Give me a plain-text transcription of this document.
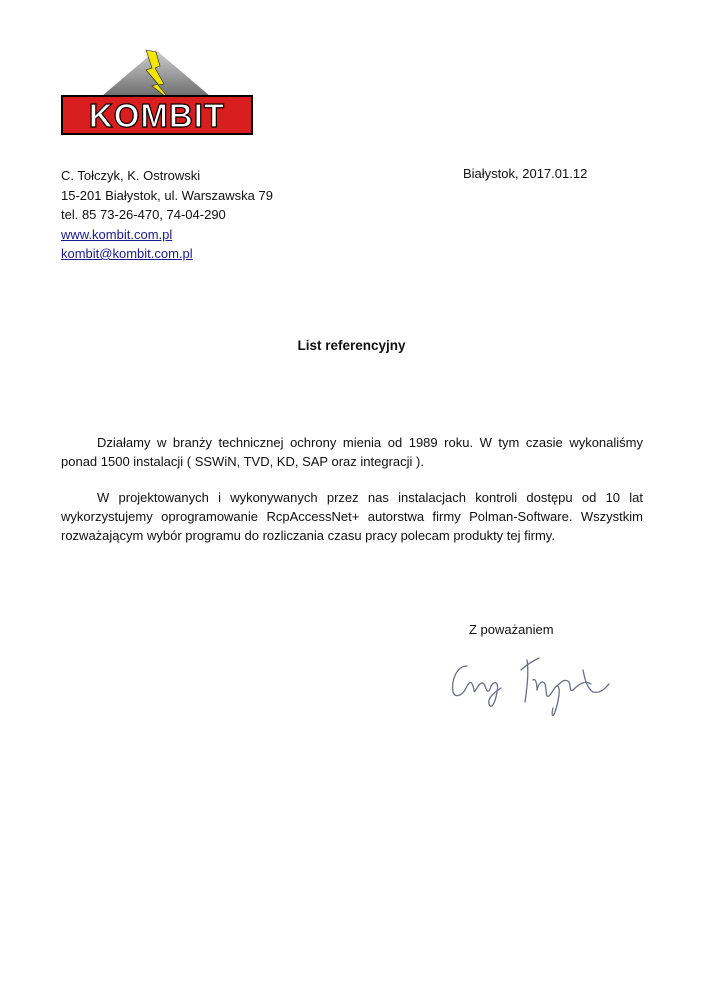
KOMBIT
C. Tołczyk, K. Ostrowski
15-201 Białystok, ul. Warszawska 79
tel. 85 73-26-470, 74-04-290
www.kombit.com.pl
kombit@kombit.com.pl
Białystok, 2017.01.12
List referencyjny

Działamy w branży technicznej ochrony mienia od 1989 roku. W tym czasie wykonaliśmy ponad 1500 instalacji ( SSWiN, TVD, KD, SAP oraz integracji ).

W projektowanych i wykonywanych przez nas instalacjach kontroli dostępu od 10 lat wykorzystujemy oprogramowanie RcpAccessNet+ autorstwa firmy Polman-Software. Wszystkim rozważającym wybór programu do rozliczania czasu pracy polecam produkty tej firmy.

Z poważaniem
